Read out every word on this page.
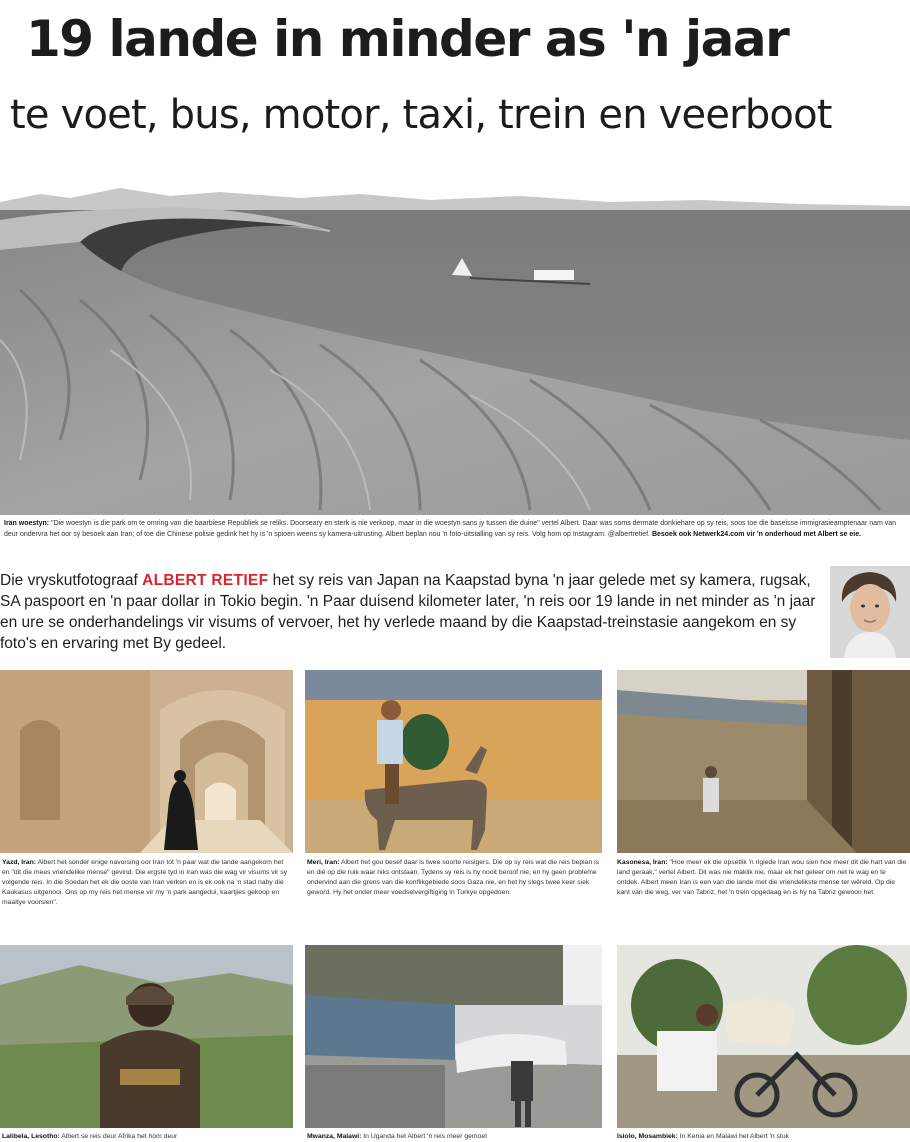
19 lande in minder as 'n jaar
te voet, bus, motor, taxi, trein en veerboot

Iran woestyn: "Die woestyn is die park om te omring van die baarbiese Republiek se reliks. Doorseary en sterk is nie verkoop, maar in die woestyn sans jy tussen die duine" vertel Albert. Daar was soms dermate donkiehare op sy reis, soos toe die baseisse immigrasieamptenaar nam van deur ondervra het oor sy besoek aan Iran; of toe die Chinese polisie gedink het hy is 'n spioen weens sy kamera-uitrusting. Albert beplan nou 'n foto-uitstalling van sy reis. Volg hom op Instagram: @albertretief. Besoek ook Netwerk24.com vir 'n onderhoud met Albert se eie.

Die vryskutfotograaf ALBERT RETIEF het sy reis van Japan na Kaapstad byna 'n jaar gelede met sy kamera, rugsak, SA paspoort en 'n paar dollar in Tokio begin. 'n Paar duisend kilometer later, 'n reis oor 19 lande in net minder as 'n jaar en ure se onderhandelings vir visums of vervoer, het hy verlede maand by die Kaapstad-treinstasie aangekom en sy foto's en ervaring met By gedeel.

Yazd, Iran: Albert het sonder enige navorsing oor Iran tot 'n paar wat die lande aangekom het en "dit die mees vriendelike mense" gevind. Die ergste tyd in Iran was die wag vir visums vir sy volgende reis. In die Soedan het ek die ooste van Iran verken en is ek ook na 'n stad naby die Kaukasus uitgenooi. Ons op my reis het mense vir my 'n park aangedui, kaartjies gekoop en maaltye voorsien".

Meri, Iran: Albert het gou besef daar is twee soorte reisigers. Dié op sy reis wat die reis beplan is en dié op die ruik waar niks ontstaan. Tydens sy reis is hy nooit beroof nie, en hy geen probleme ondervind aan die grens van die konflikgebiede soos Gaza nie, en het hy slegs twee keer siek geword. Hy het onder meer voedselvergiftiging in Turkye opgedoen.

Kasonesa, Iran: "Hoe meer ek die opsetlik 'n rigiede Iran wou sien hoe meer dit die hart van die land geraak," vertel Albert. Dit was nie maklik nie, maar ek het geleer om net te wag en te ontdek. Albert meen Iran is een van die lande met die vriendelikste mense ter wêreld. Op die kant van die weg, ver van Tabriz, het 'n trein opgedaag en is hy na Tabriz gewoon het.

Lalibela, Lesotho: Albert se reis deur Afrika het hom deur	Mwanza, Malawi: In Uganda het Albert 'n reis meer gemoet	Isiolo, Mosambiek: In Kenia en Malawi het Albert 'n stuk
